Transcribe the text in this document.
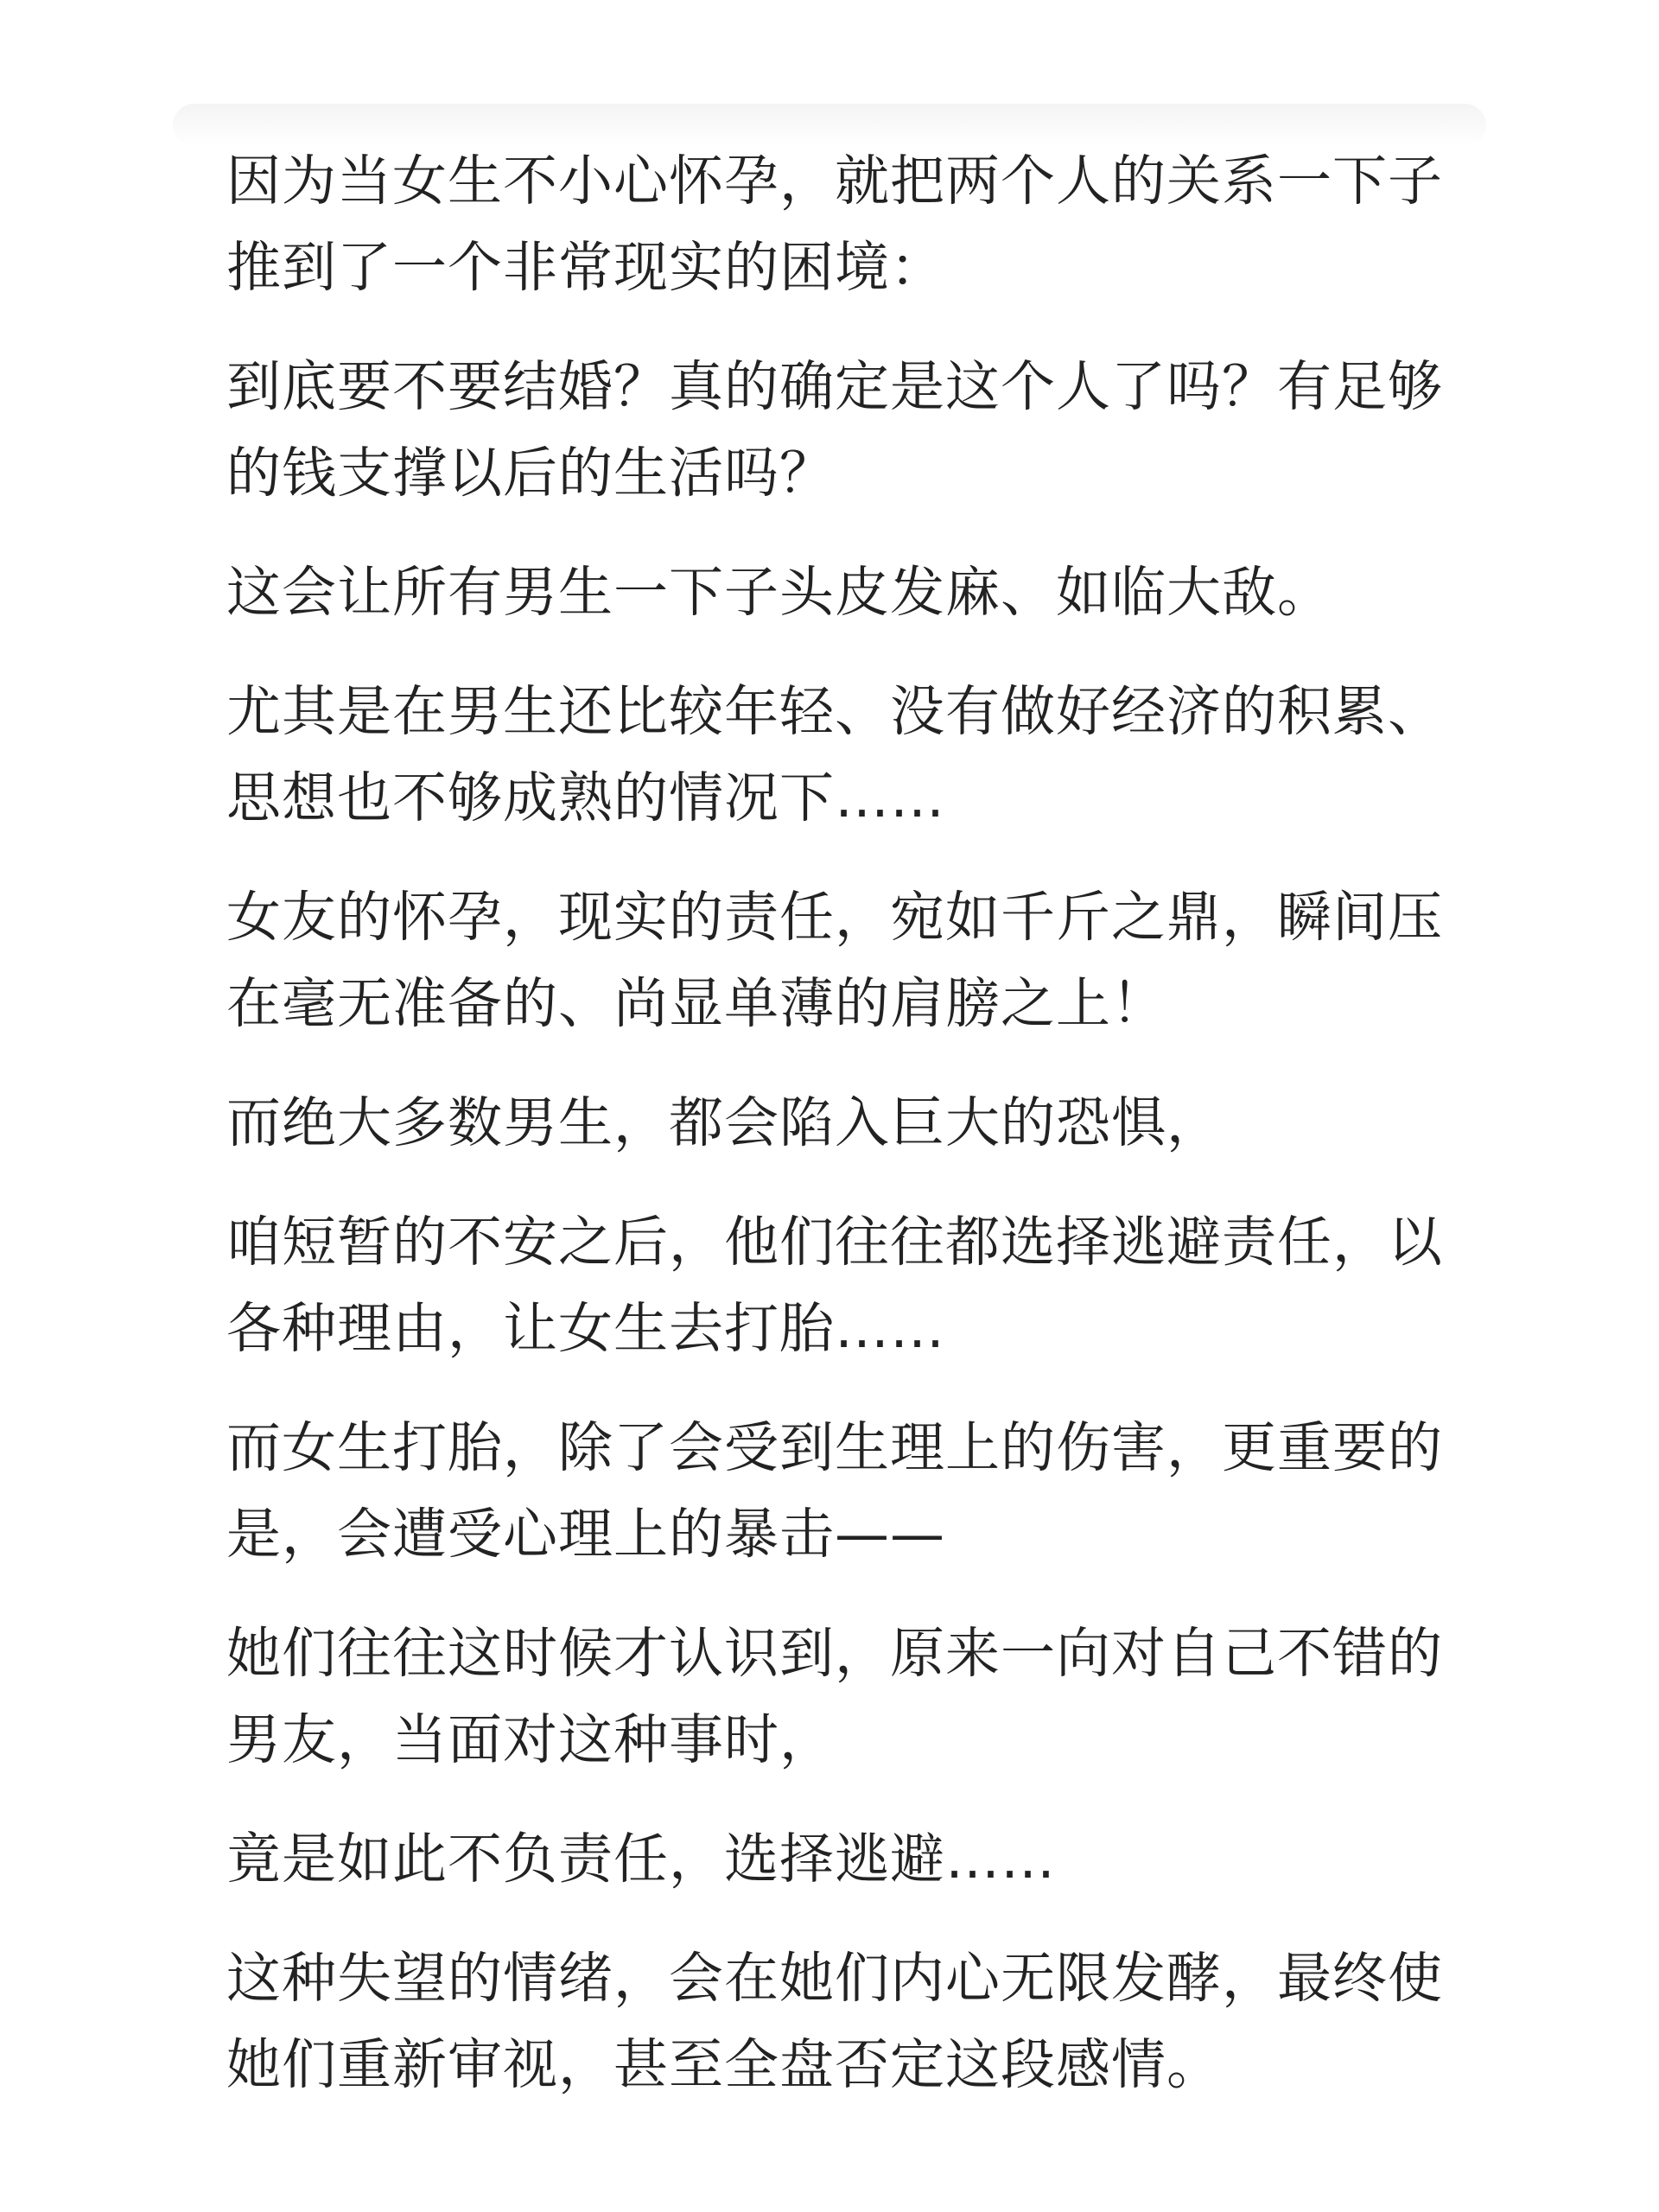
因为当女生不小心怀孕，就把两个人的关系一下子推到了一个非常现实的困境：

到底要不要结婚？真的确定是这个人了吗？有足够的钱支撑以后的生活吗？

这会让所有男生一下子头皮发麻、如临大敌。

尤其是在男生还比较年轻、没有做好经济的积累、思想也不够成熟的情况下……

女友的怀孕，现实的责任，宛如千斤之鼎，瞬间压在毫无准备的、尚显单薄的肩膀之上！

而绝大多数男生，都会陷入巨大的恐惧，

咱短暂的不安之后，他们往往都选择逃避责任，以各种理由，让女生去打胎……

而女生打胎，除了会受到生理上的伤害，更重要的是，会遭受心理上的暴击——

她们往往这时候才认识到，原来一向对自己不错的男友，当面对这种事时，

竟是如此不负责任，选择逃避……

这种失望的情绪，会在她们内心无限发酵，最终使她们重新审视，甚至全盘否定这段感情。
